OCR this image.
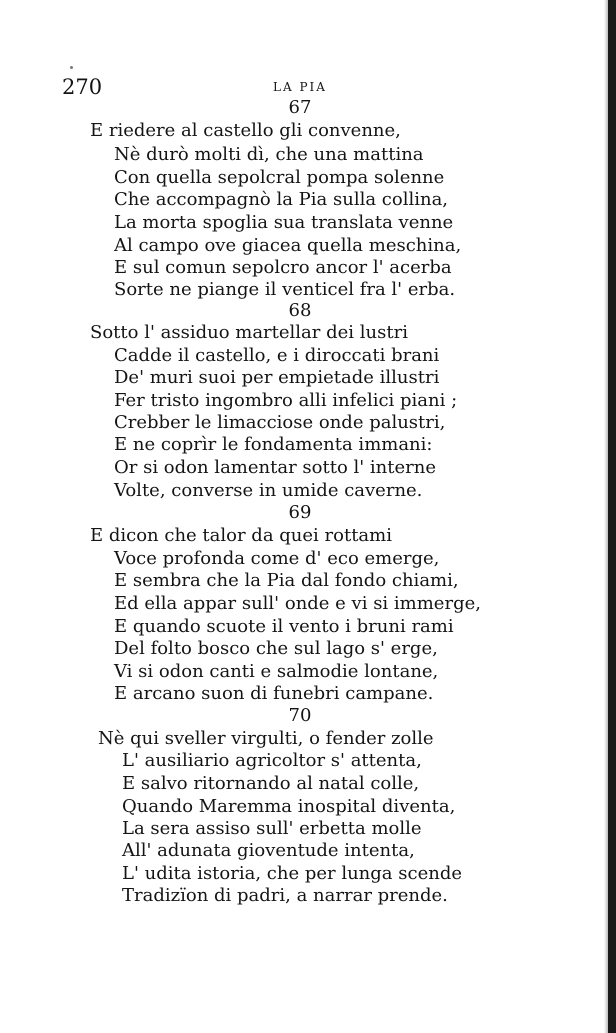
270	LA PIA
67
E riedere al castello gli convenne,
Nè durò molti dì, che una mattina
Con quella sepolcral pompa solenne
Che accompagnò la Pia sulla collina,
La morta spoglia sua translata venne
Al campo ove giacea quella meschina,
E sul comun sepolcro ancor l' acerba
Sorte ne piange il venticel fra l' erba.
68
Sotto l' assiduo martellar dei lustri
Cadde il castello, e i diroccati brani
De' muri suoi per empietade illustri
Fer tristo ingombro alli infelici piani ;
Crebber le limacciose onde palustri,
E ne coprìr le fondamenta immani:
Or si odon lamentar sotto l' interne
Volte, converse in umide caverne.
69
E dicon che talor da quei rottami
Voce profonda come d' eco emerge,
E sembra che la Pia dal fondo chiami,
Ed ella appar sull' onde e vi si immerge,
E quando scuote il vento i bruni rami
Del folto bosco che sul lago s' erge,
Vi si odon canti e salmodie lontane,
E arcano suon di funebri campane.
70
Nè qui sveller virgulti, o fender zolle
L' ausiliario agricoltor s' attenta,
E salvo ritornando al natal colle,
Quando Maremma inospital diventa,
La sera assiso sull' erbetta molle
All' adunata gioventude intenta,
L' udita istoria, che per lunga scende
Tradizïon di padri, a narrar prende.
